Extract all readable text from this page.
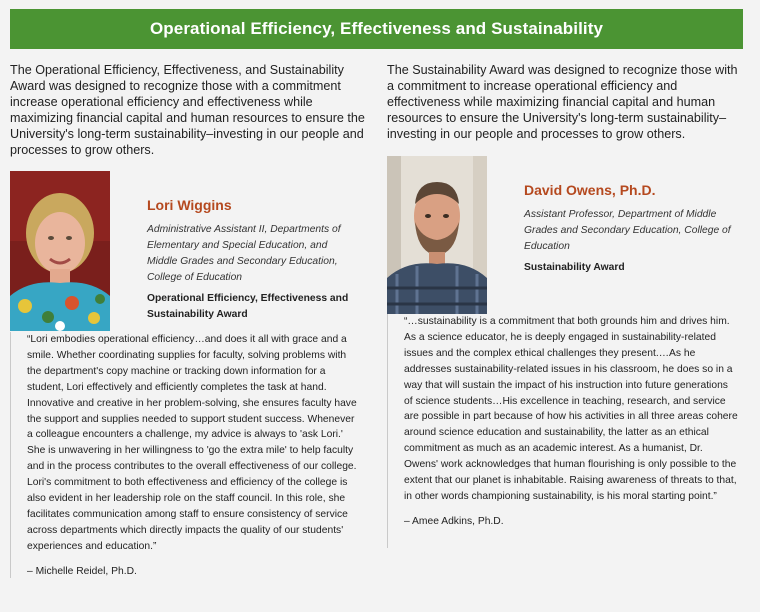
Operational Efficiency, Effectiveness and Sustainability

The Operational Efficiency, Effectiveness, and Sustainability Award was designed to recognize those with a commitment increase operational efficiency and effectiveness while maximizing financial capital and human resources to ensure the University's long-term sustainability–investing in our people and processes to grow others.

Lori Wiggins
Administrative Assistant II, Departments of Elementary and Special Education, and Middle Grades and Secondary Education, College of Education
Operational Efficiency, Effectiveness and Sustainability Award

“Lori embodies operational efficiency…and does it all with grace and a smile. Whether coordinating supplies for faculty, solving problems with the department's copy machine or tracking down information for a student, Lori effectively and efficiently completes the task at hand. Innovative and creative in her problem-solving, she ensures faculty have the support and supplies needed to support student success. Whenever a colleague encounters a challenge, my advice is always to 'ask Lori.' She is unwavering in her willingness to 'go the extra mile' to help faculty and in the process contributes to the overall effectiveness of our college. Lori's commitment to both effectiveness and efficiency of the college is also evident in her leadership role on the staff council. In this role, she facilitates communication among staff to ensure consistency of service across departments which directly impacts the quality of our students' experiences and education.”

– Michelle Reidel, Ph.D.

The Sustainability Award was designed to recognize those with a commitment to increase operational efficiency and effectiveness while maximizing financial capital and human resources to ensure the University's long-term sustainability–investing in our people and processes to grow others.

David Owens, Ph.D.
Assistant Professor, Department of Middle Grades and Secondary Education, College of Education
Sustainability Award

“…sustainability is a commitment that both grounds him and drives him. As a science educator, he is deeply engaged in sustainability-related issues and the complex ethical challenges they present.…As he addresses sustainability-related issues in his classroom, he does so in a way that will sustain the impact of his instruction into future generations of science students…His excellence in teaching, research, and service are possible in part because of how his activities in all three areas cohere around science education and sustainability, the latter as an ethical commitment as much as an academic interest. As a humanist, Dr. Owens' work acknowledges that human flourishing is only possible to the extent that our planet is inhabitable. Raising awareness of threats to that, in other words championing sustainability, is his moral starting point.”

– Amee Adkins, Ph.D.
